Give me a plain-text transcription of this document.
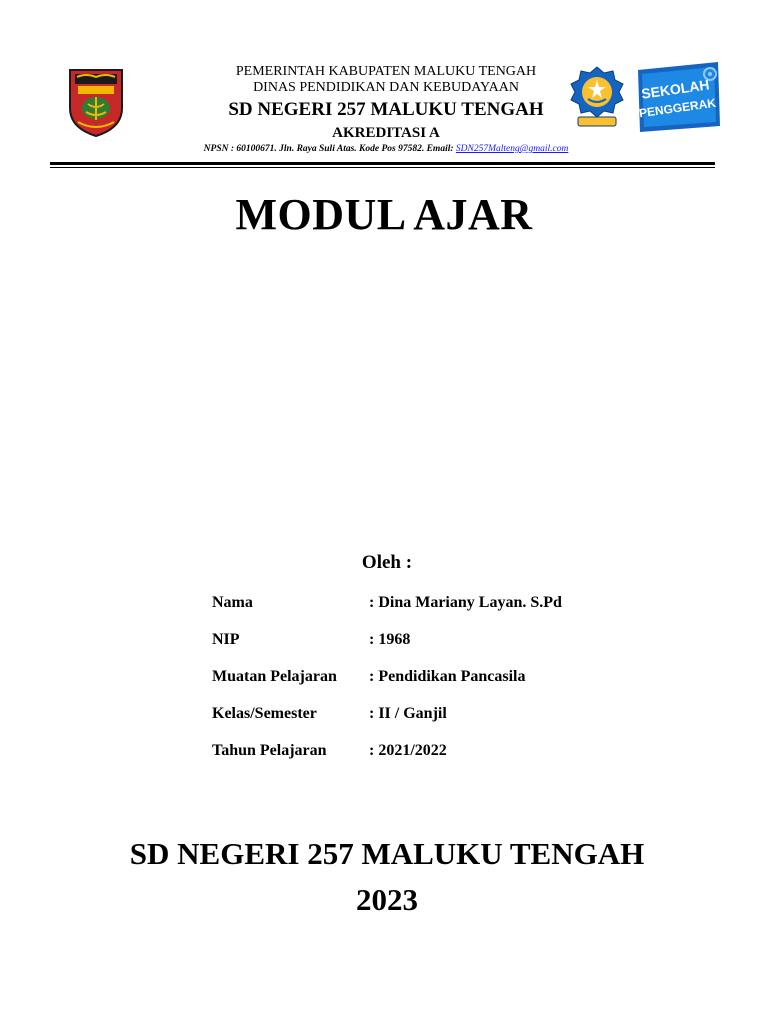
PEMERINTAH KABUPATEN MALUKU TENGAH
DINAS PENDIDIKAN DAN KEBUDAYAAN
SD NEGERI 257 MALUKU TENGAH
AKREDITASI A
NPSN : 60100671. Jln. Raya Suli Atas. Kode Pos 97582. Email: SDN257Malteng@gmail.com
SEKOLAH
PENGGERAK
MODUL AJAR
Oleh :
Nama	: Dina Mariany Layan. S.Pd
NIP	: 1968
Muatan Pelajaran : Pendidikan Pancasila
Kelas/Semester	: II / Ganjil
Tahun Pelajaran	: 2021/2022
SD NEGERI 257 MALUKU TENGAH
2023
